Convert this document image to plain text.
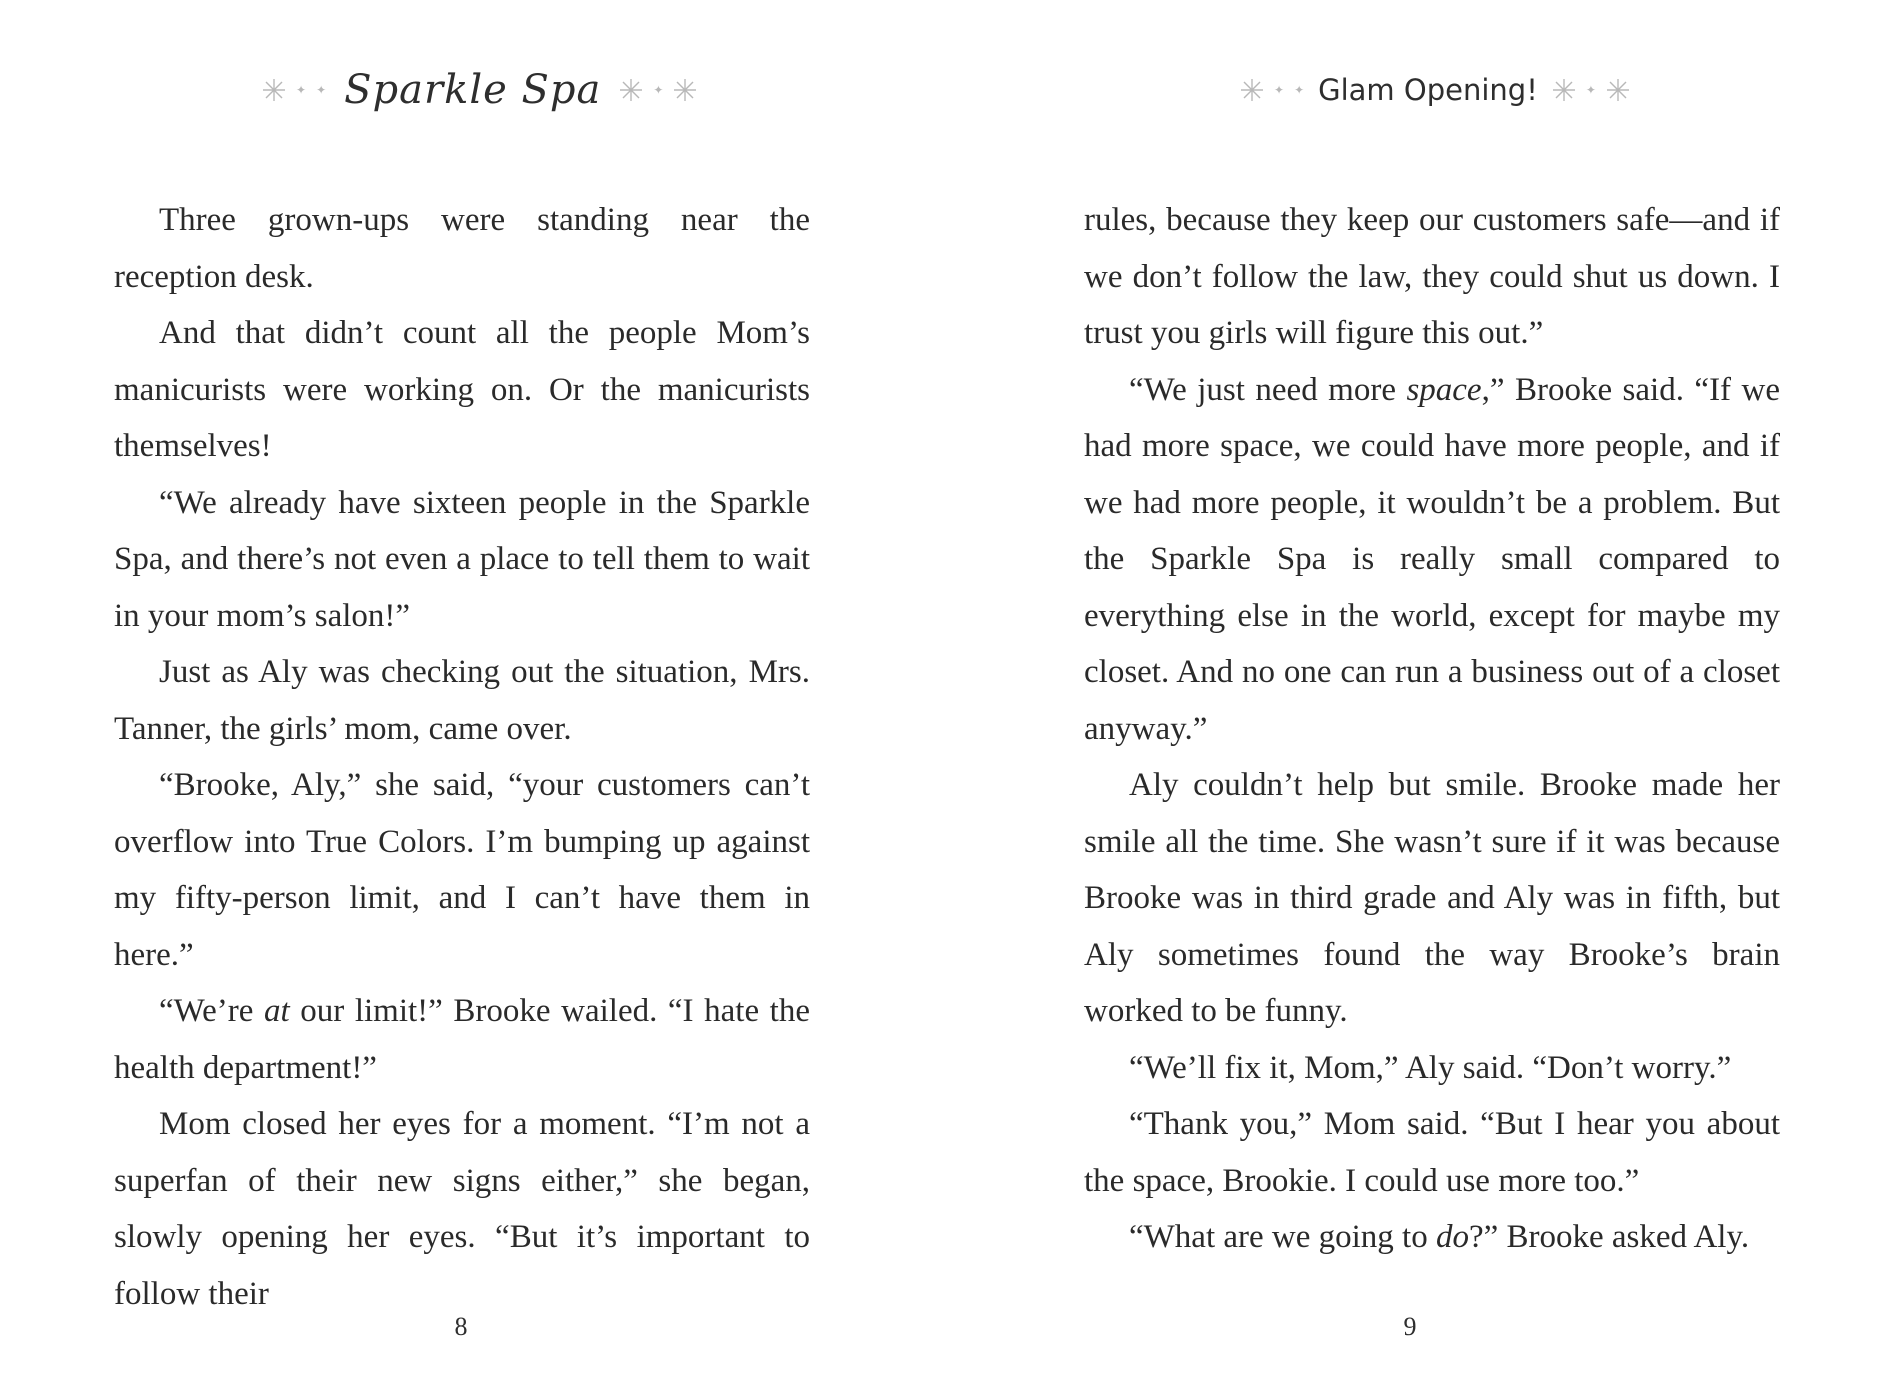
✦ ✦ Sparkle Spa	✦

Three grown-ups were standing near the reception desk.

And that didn’t count all the people Mom’s manicurists were working on. Or the manicurists themselves!

“We already have sixteen people in the Sparkle Spa, and there’s not even a place to tell them to wait in your mom’s salon!”

Just as Aly was checking out the situation, Mrs. Tanner, the girls’ mom, came over.

“Brooke, Aly,” she said, “your customers can’t overflow into True Colors. I’m bumping up against my fifty-person limit, and I can’t have them in here.”

“We’re at our limit!” Brooke wailed. “I hate the health department!”

Mom closed her eyes for a moment. “I’m not a superfan of their new signs either,” she began, slowly opening her eyes. “But it’s important to follow their

8
✦ ✦ Glam Opening!	✦

rules, because they keep our customers safe—and if we don’t follow the law, they could shut us down. I trust you girls will figure this out.”

“We just need more space,” Brooke said. “If we had more space, we could have more people, and if we had more people, it wouldn’t be a problem. But the Sparkle Spa is really small compared to everything else in the world, except for maybe my closet. And no one can run a business out of a closet anyway.”

Aly couldn’t help but smile. Brooke made her smile all the time. She wasn’t sure if it was because Brooke was in third grade and Aly was in fifth, but Aly sometimes found the way Brooke’s brain worked to be funny.

“We’ll fix it, Mom,” Aly said. “Don’t worry.”

“Thank you,” Mom said. “But I hear you about the space, Brookie. I could use more too.”

“What are we going to do?” Brooke asked Aly.

9
